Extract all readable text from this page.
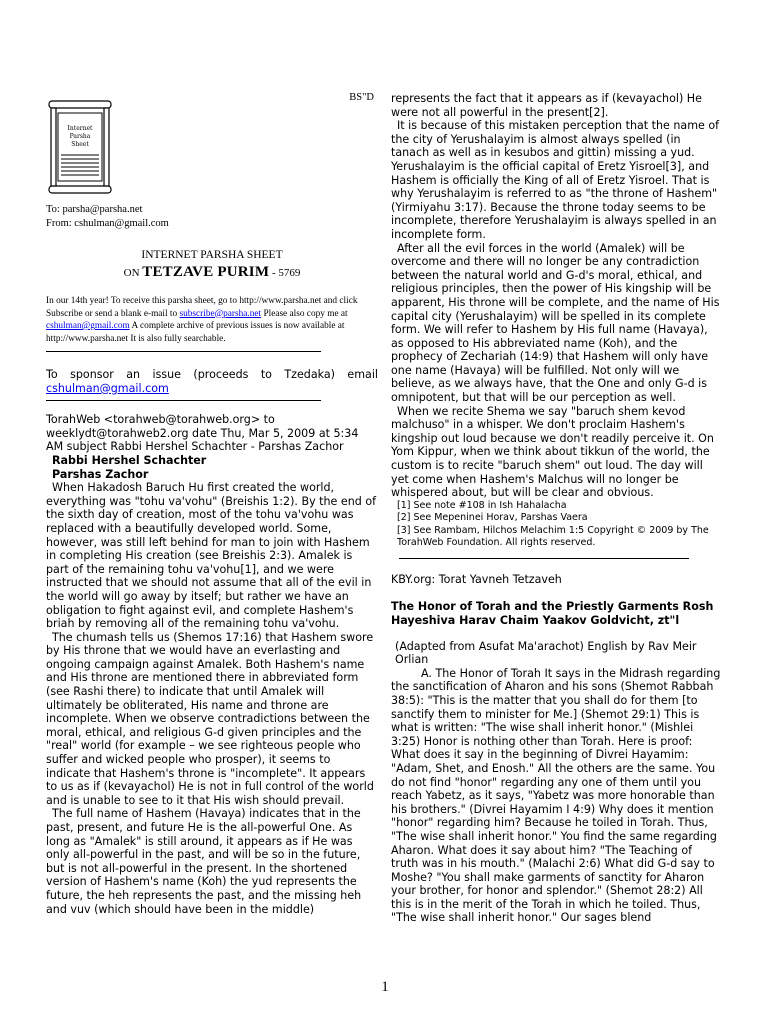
BS"D

Internet
Parsha
Sheet
To: parsha@parsha.net
From: cshulman@gmail.com
INTERNET PARSHA SHEET
ON TETZAVE PURIM - 5769

In our 14th year! To receive this parsha sheet, go to http://www.parsha.net and click Subscribe or send a blank e-mail to subscribe@parsha.net Please also copy me at cshulman@gmail.com A complete archive of previous issues is now available at http://www.parsha.net It is also fully searchable.

To sponsor an issue (proceeds to Tzedaka) email cshulman@gmail.com

TorahWeb <torahweb@torahweb.org> to weeklydt@torahweb2.org date Thu, Mar 5, 2009 at 5:34 AM subject Rabbi Hershel Schachter - Parshas Zachor

Rabbi Hershel Schachter

Parshas Zachor

When Hakadosh Baruch Hu first created the world, everything was "tohu va'vohu" (Breishis 1:2). By the end of the sixth day of creation, most of the tohu va'vohu was replaced with a beautifully developed world. Some, however, was still left behind for man to join with Hashem in completing His creation (see Breishis 2:3). Amalek is part of the remaining tohu va'vohu[1], and we were instructed that we should not assume that all of the evil in the world will go away by itself; but rather we have an obligation to fight against evil, and complete Hashem's briah by removing all of the remaining tohu va'vohu.

The chumash tells us (Shemos 17:16) that Hashem swore by His throne that we would have an everlasting and ongoing campaign against Amalek. Both Hashem's name and His throne are mentioned there in abbreviated form (see Rashi there) to indicate that until Amalek will ultimately be obliterated, His name and throne are incomplete. When we observe contradictions between the moral, ethical, and religious G-d given principles and the "real" world (for example – we see righteous people who suffer and wicked people who prosper), it seems to indicate that Hashem's throne is "incomplete". It appears to us as if (kevayachol) He is not in full control of the world and is unable to see to it that His wish should prevail.

The full name of Hashem (Havaya) indicates that in the past, present, and future He is the all-powerful One. As long as "Amalek" is still around, it appears as if He was only all-powerful in the past, and will be so in the future, but is not all-powerful in the present. In the shortened version of Hashem's name (Koh) the yud represents the future, the heh represents the past, and the missing heh and vuv (which should have been in the middle)

represents the fact that it appears as if (kevayachol) He were not all powerful in the present[2].

It is because of this mistaken perception that the name of the city of Yerushalayim is almost always spelled (in tanach as well as in kesubos and gittin) missing a yud. Yerushalayim is the official capital of Eretz Yisroel[3], and Hashem is officially the King of all of Eretz Yisroel. That is why Yerushalayim is referred to as "the throne of Hashem" (Yirmiyahu 3:17). Because the throne today seems to be incomplete, therefore Yerushalayim is always spelled in an incomplete form.

After all the evil forces in the world (Amalek) will be overcome and there will no longer be any contradiction between the natural world and G-d's moral, ethical, and religious principles, then the power of His kingship will be apparent, His throne will be complete, and the name of His capital city (Yerushalayim) will be spelled in its complete form. We will refer to Hashem by His full name (Havaya), as opposed to His abbreviated name (Koh), and the prophecy of Zechariah (14:9) that Hashem will only have one name (Havaya) will be fulfilled. Not only will we believe, as we always have, that the One and only G-d is omnipotent, but that will be our perception as well.

When we recite Shema we say "baruch shem kevod malchuso" in a whisper. We don't proclaim Hashem's kingship out loud because we don't readily perceive it. On Yom Kippur, when we think about tikkun of the world, the custom is to recite "baruch shem" out loud. The day will yet come when Hashem's Malchus will no longer be whispered about, but will be clear and obvious.

[1] See note #108 in Ish Hahalacha
[2] See Mepeninei Horav, Parshas Vaera
[3] See Rambam, Hilchos Melachim 1:5 Copyright © 2009 by The TorahWeb Foundation. All rights reserved.

KBY.org: Torat Yavneh Tetzaveh

The Honor of Torah and the Priestly Garments Rosh Hayeshiva Harav Chaim Yaakov Goldvicht, zt"l

(Adapted from Asufat Ma'arachot) English by Rav Meir Orlian

A. The Honor of Torah It says in the Midrash regarding the sanctification of Aharon and his sons (Shemot Rabbah 38:5): "This is the matter that you shall do for them [to sanctify them to minister for Me.] (Shemot 29:1) This is what is written: "The wise shall inherit honor." (Mishlei 3:25) Honor is nothing other than Torah. Here is proof: What does it say in the beginning of Divrei Hayamim: "Adam, Shet, and Enosh." All the others are the same. You do not find "honor" regarding any one of them until you reach Yabetz, as it says, "Yabetz was more honorable than his brothers." (Divrei Hayamim I 4:9) Why does it mention "honor" regarding him? Because he toiled in Torah. Thus, "The wise shall inherit honor." You find the same regarding Aharon. What does it say about him? "The Teaching of truth was in his mouth." (Malachi 2:6) What did G-d say to Moshe? "You shall make garments of sanctity for Aharon your brother, for honor and splendor." (Shemot 28:2) All this is in the merit of the Torah in which he toiled. Thus, "The wise shall inherit honor." Our sages blend

1
